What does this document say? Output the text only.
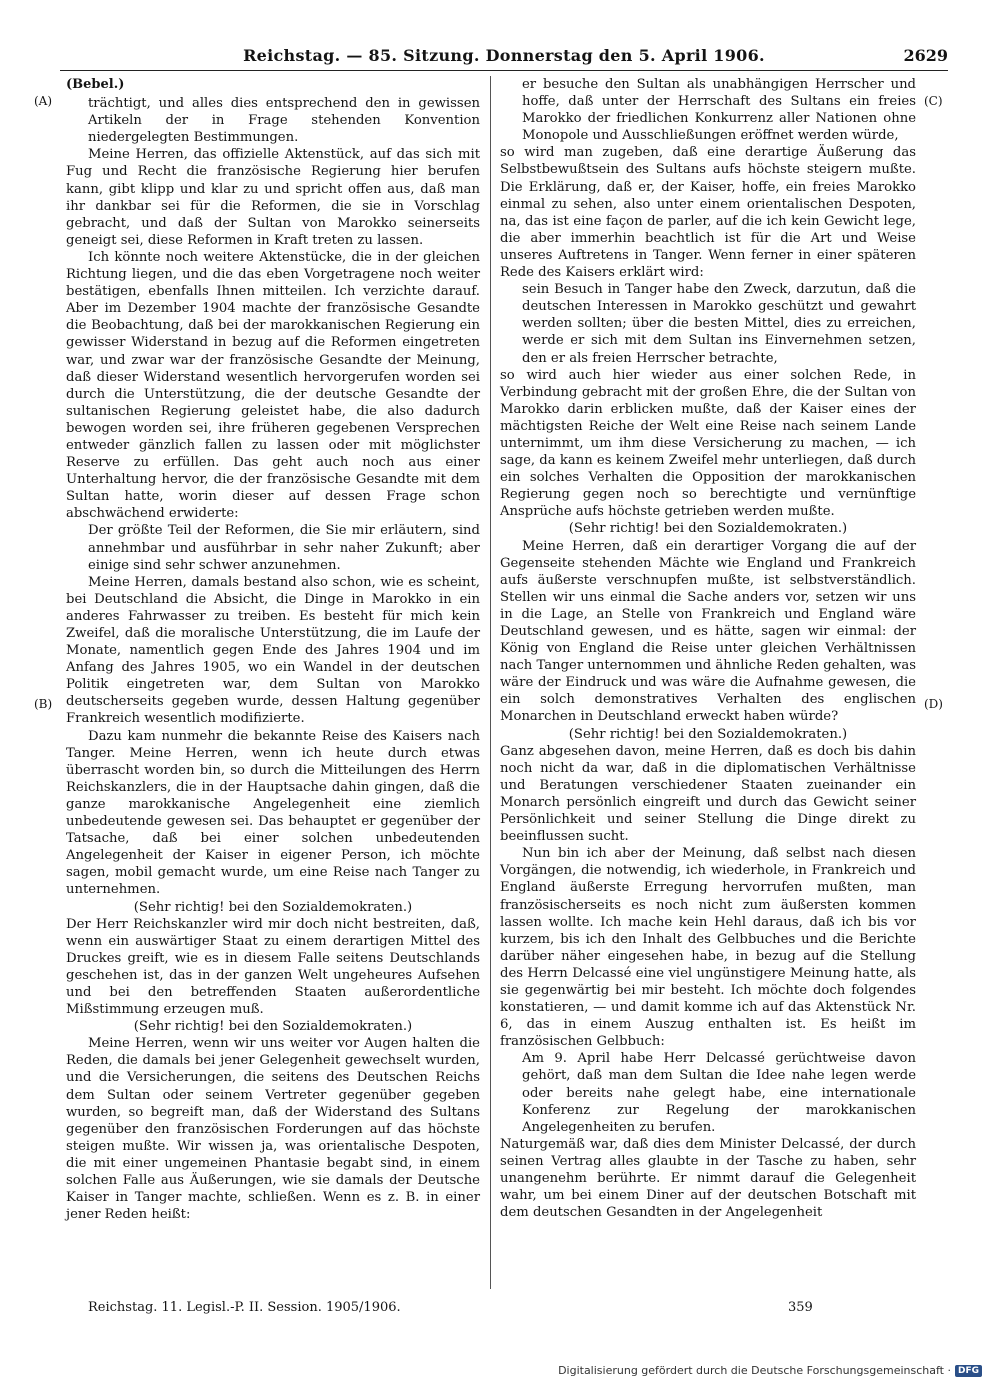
Reichstag. — 85. Sitzung. Donnerstag den 5. April 1906.	2629
(A)
(B)
(C)
(D)
(Bebel.)

trächtigt, und alles dies entsprechend den in gewissen Artikeln der in Frage stehenden Konvention niedergelegten Bestimmungen.

Meine Herren, das offizielle Aktenstück, auf das sich mit Fug und Recht die französische Regierung hier berufen kann, gibt klipp und klar zu und spricht offen aus, daß man ihr dankbar sei für die Reformen, die sie in Vorschlag gebracht, und daß der Sultan von Marokko seinerseits geneigt sei, diese Reformen in Kraft treten zu lassen.

Ich könnte noch weitere Aktenstücke, die in der gleichen Richtung liegen, und die das eben Vorgetragene noch weiter bestätigen, ebenfalls Ihnen mitteilen. Ich verzichte darauf. Aber im Dezember 1904 machte der französische Gesandte die Beobachtung, daß bei der marokkanischen Regierung ein gewisser Widerstand in bezug auf die Reformen eingetreten war, und zwar war der französische Gesandte der Meinung, daß dieser Widerstand wesentlich hervorgerufen worden sei durch die Unterstützung, die der deutsche Gesandte der sultanischen Regierung geleistet habe, die also dadurch bewogen worden sei, ihre früheren gegebenen Versprechen entweder gänzlich fallen zu lassen oder mit möglichster Reserve zu erfüllen. Das geht auch noch aus einer Unterhaltung hervor, die der französische Gesandte mit dem Sultan hatte, worin dieser auf dessen Frage schon abschwächend erwiderte:

Der größte Teil der Reformen, die Sie mir erläutern, sind annehmbar und ausführbar in sehr naher Zukunft; aber einige sind sehr schwer anzunehmen.

Meine Herren, damals bestand also schon, wie es scheint, bei Deutschland die Absicht, die Dinge in Marokko in ein anderes Fahrwasser zu treiben. Es besteht für mich kein Zweifel, daß die moralische Unterstützung, die im Laufe der Monate, namentlich gegen Ende des Jahres 1904 und im Anfang des Jahres 1905, wo ein Wandel in der deutschen Politik eingetreten war, dem Sultan von Marokko deutscherseits gegeben wurde, dessen Haltung gegenüber Frankreich wesentlich modifizierte.

Dazu kam nunmehr die bekannte Reise des Kaisers nach Tanger. Meine Herren, wenn ich heute durch etwas überrascht worden bin, so durch die Mitteilungen des Herrn Reichskanzlers, die in der Hauptsache dahin gingen, daß die ganze marokkanische Angelegenheit eine ziemlich unbedeutende gewesen sei. Das behauptet er gegenüber der Tatsache, daß bei einer solchen unbedeutenden Angelegenheit der Kaiser in eigener Person, ich möchte sagen, mobil gemacht wurde, um eine Reise nach Tanger zu unternehmen.

(Sehr richtig! bei den Sozialdemokraten.)

Der Herr Reichskanzler wird mir doch nicht bestreiten, daß, wenn ein auswärtiger Staat zu einem derartigen Mittel des Druckes greift, wie es in diesem Falle seitens Deutschlands geschehen ist, das in der ganzen Welt ungeheures Aufsehen und bei den betreffenden Staaten außerordentliche Mißstimmung erzeugen muß.

(Sehr richtig! bei den Sozialdemokraten.)

Meine Herren, wenn wir uns weiter vor Augen halten die Reden, die damals bei jener Gelegenheit gewechselt wurden, und die Versicherungen, die seitens des Deutschen Reichs dem Sultan oder seinem Vertreter gegenüber gegeben wurden, so begreift man, daß der Widerstand des Sultans gegenüber den französischen Forderungen auf das höchste steigen mußte. Wir wissen ja, was orientalische Despoten, die mit einer ungemeinen Phantasie begabt sind, in einem solchen Falle aus Äußerungen, wie sie damals der Deutsche Kaiser in Tanger machte, schließen. Wenn es z. B. in einer jener Reden heißt:

er besuche den Sultan als unabhängigen Herrscher und hoffe, daß unter der Herrschaft des Sultans ein freies Marokko der friedlichen Konkurrenz aller Nationen ohne Monopole und Ausschließungen eröffnet werden würde,

so wird man zugeben, daß eine derartige Äußerung das Selbstbewußtsein des Sultans aufs höchste steigern mußte. Die Erklärung, daß er, der Kaiser, hoffe, ein freies Marokko einmal zu sehen, also unter einem orientalischen Despoten, na, das ist eine façon de parler, auf die ich kein Gewicht lege, die aber immerhin beachtlich ist für die Art und Weise unseres Auftretens in Tanger. Wenn ferner in einer späteren Rede des Kaisers erklärt wird:

sein Besuch in Tanger habe den Zweck, darzutun, daß die deutschen Interessen in Marokko geschützt und gewahrt werden sollten; über die besten Mittel, dies zu erreichen, werde er sich mit dem Sultan ins Einvernehmen setzen, den er als freien Herrscher betrachte,

so wird auch hier wieder aus einer solchen Rede, in Verbindung gebracht mit der großen Ehre, die der Sultan von Marokko darin erblicken mußte, daß der Kaiser eines der mächtigsten Reiche der Welt eine Reise nach seinem Lande unternimmt, um ihm diese Versicherung zu machen, — ich sage, da kann es keinem Zweifel mehr unterliegen, daß durch ein solches Verhalten die Opposition der marokkanischen Regierung gegen noch so berechtigte und vernünftige Ansprüche aufs höchste getrieben werden mußte.

(Sehr richtig! bei den Sozialdemokraten.)

Meine Herren, daß ein derartiger Vorgang die auf der Gegenseite stehenden Mächte wie England und Frankreich aufs äußerste verschnupfen mußte, ist selbstverständlich. Stellen wir uns einmal die Sache anders vor, setzen wir uns in die Lage, an Stelle von Frankreich und England wäre Deutschland gewesen, und es hätte, sagen wir einmal: der König von England die Reise unter gleichen Verhältnissen nach Tanger unternommen und ähnliche Reden gehalten, was wäre der Eindruck und was wäre die Aufnahme gewesen, die ein solch demonstratives Verhalten des englischen Monarchen in Deutschland erweckt haben würde?

(Sehr richtig! bei den Sozialdemokraten.)

Ganz abgesehen davon, meine Herren, daß es doch bis dahin noch nicht da war, daß in die diplomatischen Verhältnisse und Beratungen verschiedener Staaten zueinander ein Monarch persönlich eingreift und durch das Gewicht seiner Persönlichkeit und seiner Stellung die Dinge direkt zu beeinflussen sucht.

Nun bin ich aber der Meinung, daß selbst nach diesen Vorgängen, die notwendig, ich wiederhole, in Frankreich und England äußerste Erregung hervorrufen mußten, man französischerseits es noch nicht zum äußersten kommen lassen wollte. Ich mache kein Hehl daraus, daß ich bis vor kurzem, bis ich den Inhalt des Gelbbuches und die Berichte darüber näher eingesehen habe, in bezug auf die Stellung des Herrn Delcassé eine viel ungünstigere Meinung hatte, als sie gegenwärtig bei mir besteht. Ich möchte doch folgendes konstatieren, — und damit komme ich auf das Aktenstück Nr. 6, das in einem Auszug enthalten ist. Es heißt im französischen Gelbbuch:

Am 9. April habe Herr Delcassé gerüchtweise davon gehört, daß man dem Sultan die Idee nahe legen werde oder bereits nahe gelegt habe, eine internationale Konferenz zur Regelung der marokkanischen Angelegenheiten zu berufen.

Naturgemäß war, daß dies dem Minister Delcassé, der durch seinen Vertrag alles glaubte in der Tasche zu haben, sehr unangenehm berührte. Er nimmt darauf die Gelegenheit wahr, um bei einem Diner auf der deutschen Botschaft mit dem deutschen Gesandten in der Angelegenheit

Reichstag. 11. Legisl.-P. II. Session. 1905/1906.	359
Digitalisierung gefördert durch die Deutsche Forschungsgemeinschaft · DFG
